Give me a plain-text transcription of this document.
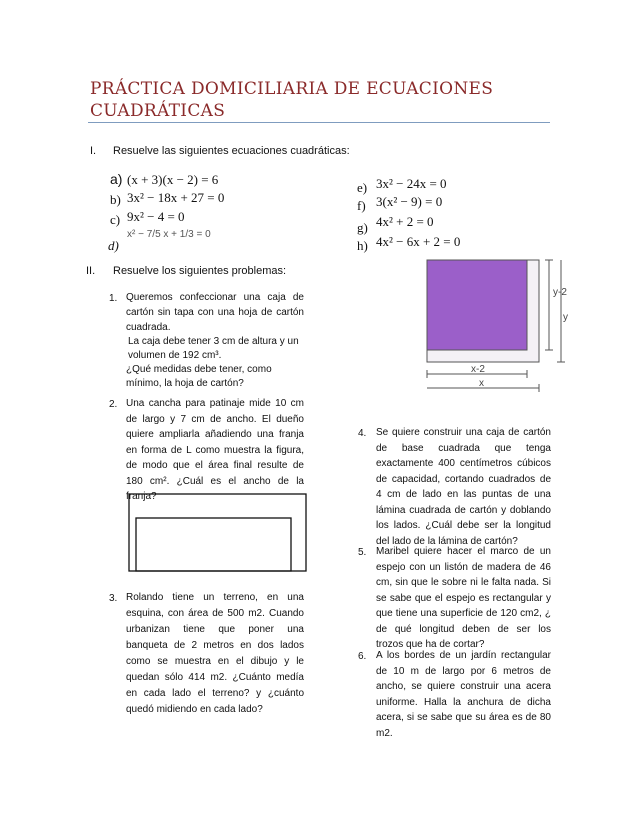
PRÁCTICA DOMICILIARIA DE ECUACIONES CUADRÁTICAS
I. Resuelve las siguientes ecuaciones cuadráticas:
a) (x + 3)(x − 2) = 6
b) 3x² − 18x + 27 = 0
c) 9x² − 4 = 0
d)
x² − 7/5 x + 1/3 = 0
e) 3x² − 24x = 0
f) 3(x² − 9) = 0
g) 4x² + 2 = 0
h) 4x² − 6x + 2 = 0
II. Resuelve los siguientes problemas:
1. Queremos confeccionar una caja de cartón sin tapa con una hoja de cartón cuadrada.
La caja debe tener 3 cm de altura y un volumen de 192 cm³.
¿Qué medidas debe tener, como mínimo, la hoja de cartón?
2. Una cancha para patinaje mide 10 cm de largo y 7 cm de ancho. El dueño quiere ampliarla añadiendo una franja en forma de L como muestra la figura, de modo que el área final resulte de 180 cm². ¿Cuál es el ancho de la franja?
3. Rolando tiene un terreno, en una esquina, con área de 500 m2. Cuando urbanizan tiene que poner una banqueta de 2 metros en dos lados como se muestra en el dibujo y le quedan sólo 414 m2. ¿Cuánto medía en cada lado el terreno? y ¿cuánto quedó midiendo en cada lado?
y-2
y
x-2
x
4. Se quiere construir una caja de cartón de base cuadrada que tenga exactamente 400 centímetros cúbicos de capacidad, cortando cuadrados de 4 cm de lado en las puntas de una lámina cuadrada de cartón y doblando los lados. ¿Cuál debe ser la longitud del lado de la lámina de cartón?
5. Maribel quiere hacer el marco de un espejo con un listón de madera de 46 cm, sin que le sobre ni le falta nada. Si se sabe que el espejo es rectangular y que tiene una superficie de 120 cm2, ¿ de qué longitud deben de ser los trozos que ha de cortar?
6. A los bordes de un jardín rectangular de 10 m de largo por 6 metros de ancho, se quiere construir una acera uniforme. Halla la anchura de dicha acera, si se sabe que su área es de 80 m2.
